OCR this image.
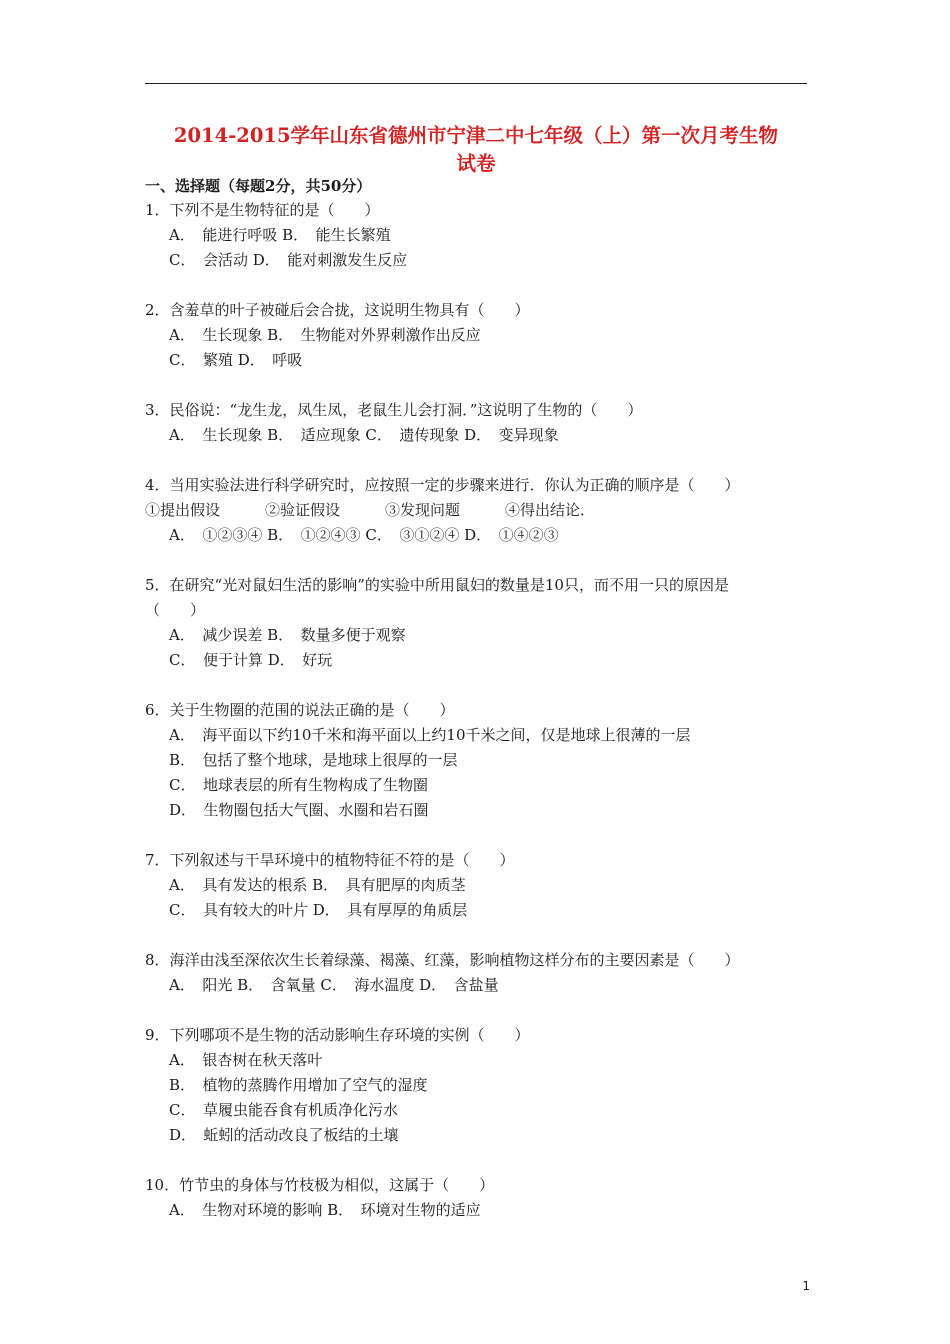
2014-2015学年山东省德州市宁津二中七年级（上）第一次月考生物
试卷
一、选择题（每题2分，共50分）
1．下列不是生物特征的是（　　）
A．　能进行呼吸 B．　能生长繁殖
C．　会活动 D．　能对刺激发生反应
2．含羞草的叶子被碰后会合拢，这说明生物具有（　　）
A．　生长现象 B．　生物能对外界刺激作出反应
C．　繁殖 D．　呼吸
3．民俗说：“龙生龙，凤生凤，老鼠生儿会打洞．”这说明了生物的（　　）
A．　生长现象 B．　适应现象 C．　遗传现象 D．　变异现象
4．当用实验法进行科学研究时，应按照一定的步骤来进行．你认为正确的顺序是（　　）
①提出假设　　　②验证假设　　　③发现问题　　　④得出结论．
A．　①②③④ B．　①②④③ C．　③①②④ D．　①④②③
5．在研究“光对鼠妇生活的影响”的实验中所用鼠妇的数量是10只，而不用一只的原因是
（　　）
A．　减少误差 B．　数量多便于观察
C．　便于计算 D．　好玩
6．关于生物圈的范围的说法正确的是（　　）
A．　海平面以下约10千米和海平面以上约10千米之间，仅是地球上很薄的一层
B．　包括了整个地球，是地球上很厚的一层
C．　地球表层的所有生物构成了生物圈
D．　生物圈包括大气圈、水圈和岩石圈
7．下列叙述与干旱环境中的植物特征不符的是（　　）
A．　具有发达的根系 B．　具有肥厚的肉质茎
C．　具有较大的叶片 D．　具有厚厚的角质层
8．海洋由浅至深依次生长着绿藻、褐藻、红藻，影响植物这样分布的主要因素是（　　）
A．　阳光 B．　含氧量 C．　海水温度 D．　含盐量
9．下列哪项不是生物的活动影响生存环境的实例（　　）
A．　银杏树在秋天落叶
B．　植物的蒸腾作用增加了空气的湿度
C．　草履虫能吞食有机质净化污水
D．　蚯蚓的活动改良了板结的土壤
10．竹节虫的身体与竹枝极为相似，这属于（　　）
A．　生物对环境的影响 B．　环境对生物的适应
1
